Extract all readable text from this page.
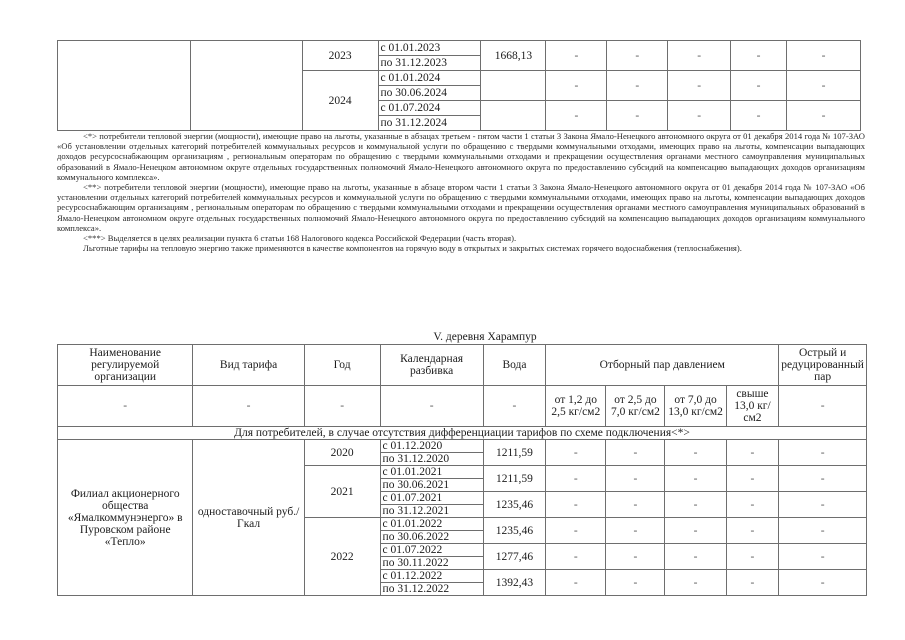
		2023	с 01.01.2023	1668,13	-	-	-	-	-
			по 31.12.2023						
		2024	с 01.01.2024		-	-	-	-	-
			по 30.06.2024						
			с 01.07.2024		-	-	-	-	-
			по 31.12.2024						

<*> потребители тепловой энергии (мощности), имеющие право на льготы, указанные в абзацах третьем - пятом части 1 статьи 3 Закона Ямало-Ненецкого автономного округа от 01 декабря 2014 года № 107-ЗАО «Об установлении отдельных категорий потребителей коммунальных ресурсов и коммунальной услуги по обращению с твердыми коммунальными отходами, имеющих право на льготы, компенсации выпадающих доходов ресурсоснабжающим организациям , региональным операторам по обращению с твердыми коммунальными отходами и прекращении осуществления органами местного самоуправления муниципальных образований в Ямало-Ненецком автономном округе отдельных государственных полномочий Ямало-Ненецкого автономного округа по предоставлению субсидий на компенсацию выпадающих доходов организациям коммунального комплекса».

<**> потребители тепловой энергии (мощности), имеющие право на льготы, указанные в абзаце втором части 1 статьи 3 Закона Ямало-Ненецкого автономного округа от 01 декабря 2014 года № 107-ЗАО «Об установлении отдельных категорий потребителей коммунальных ресурсов и коммунальной услуги по обращению с твердыми коммунальными отходами, имеющих право на льготы, компенсации выпадающих доходов ресурсоснабжающим организациям , региональным операторам по обращению с твердыми коммунальными отходами и прекращении осуществления органами местного самоуправления муниципальных образований в Ямало-Ненецком автономном округе отдельных государственных полномочий Ямало-Ненецкого автономного округа по предоставлению субсидий на компенсацию выпадающих доходов организациям коммунального комплекса».

<***> Выделяется в целях реализации пункта 6 статьи 168 Налогового кодекса Российской Федерации (часть вторая).

Льготные тарифы на тепловую энергию также применяются в качестве компонентов на горячую воду в открытых и закрытых системах горячего водоснабжения (теплоснабжения).

V. деревня Харампур
Наименование регулируемой организации	Вид тарифа	Год	Календарная разбивка	Вода	Отборный пар давлением				Острый и редуцированный пар

-	-	-	-	-	от 1,2 до 2,5 кг/см2	от 2,5 до 7,0 кг/см2	от 7,0 до 13,0 кг/см2	свыше 13,0 кг/см2	-
Для потребителей, в случае отсутствия дифференциации тарифов по схеме подключения<*>									
Филиал акционерного общества «Ямалкоммунэнерго» в Пуровском районе «Тепло»	одноставочный руб./Гкал	2020	с 01.12.2020	1211,59	-	-	-	-	-
			по 31.12.2020						
		2021	с 01.01.2021	1211,59	-	-	-	-	-
			по 30.06.2021						
			с 01.07.2021	1235,46	-	-	-	-	-
			по 31.12.2021						
		2022	с 01.01.2022	1235,46	-	-	-	-	-
			по 30.06.2022						
			с 01.07.2022	1277,46	-	-	-	-	-
			по 30.11.2022						
			с 01.12.2022	1392,43	-	-	-	-	-
			по 31.12.2022						
